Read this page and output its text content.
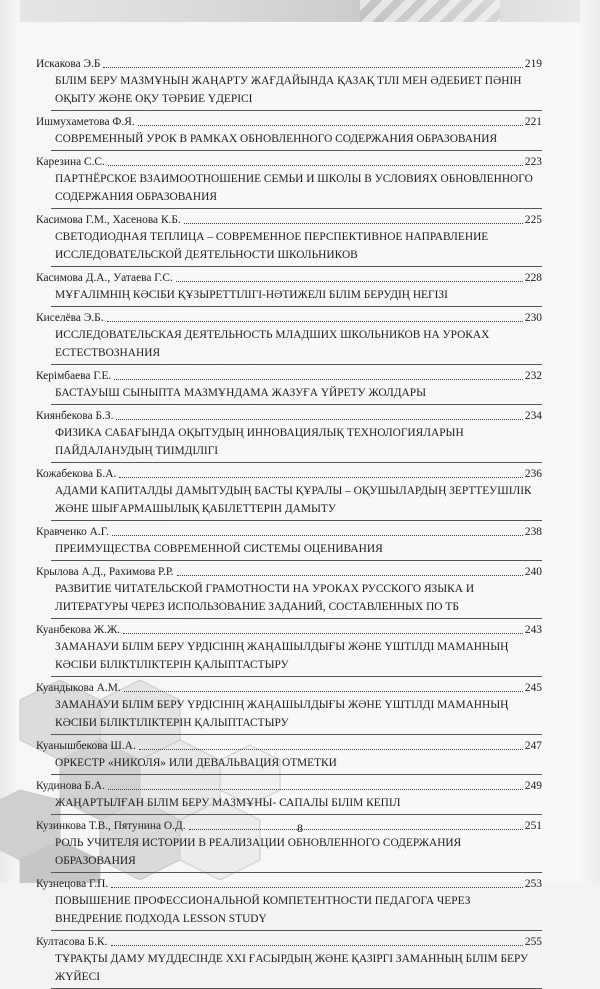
Искакова Э.Б	219
БІЛІМ БЕРУ МАЗМҰНЫН ЖАҢАРТУ ЖАҒДАЙЫНДА ҚАЗАҚ ТІЛІ МЕН ӘДЕБИЕТ ПӘНІН
ОҚЫТУ ЖӘНЕ ОҚУ ТӘРБИЕ ҮДЕРІСІ
Ишмухаметова Ф.Я.	221
СОВРЕМЕННЫЙ УРОК В РАМКАХ ОБНОВЛЕННОГО СОДЕРЖАНИЯ ОБРАЗОВАНИЯ
Карезина С.С.	223
ПАРТНЁРСКОЕ ВЗАИМООТНОШЕНИЕ СЕМЬИ И ШКОЛЫ В УСЛОВИЯХ ОБНОВЛЕННОГО
СОДЕРЖАНИЯ ОБРАЗОВАНИЯ
Касимова Г.М., Хасенова К.Б.	225
СВЕТОДИОДНАЯ ТЕПЛИЦА – СОВРЕМЕННОЕ ПЕРСПЕКТИВНОЕ НАПРАВЛЕНИЕ
ИССЛЕДОВАТЕЛЬСКОЙ ДЕЯТЕЛЬНОСТИ ШКОЛЬНИКОВ
Касимова Д.А., Уатаева Г.С.	228
МҰҒАЛІМНІҢ КӘСІБИ ҚҰЗЫРЕТТІЛІГІ-НӘТИЖЕЛІ БІЛІМ БЕРУДІҢ НЕГІЗІ
Киселёва Э.Б.	230
ИССЛЕДОВАТЕЛЬСКАЯ ДЕЯТЕЛЬНОСТЬ МЛАДШИХ ШКОЛЬНИКОВ НА УРОКАХ
ЕСТЕСТВОЗНАНИЯ
Керімбаева Г.Е.	232
БАСТАУЫШ СЫНЫПТА МАЗМҰНДАМА ЖАЗУҒА ҮЙРЕТУ ЖОЛДАРЫ
Киянбекова Б.З.	234
ФИЗИКА САБАҒЫНДА ОҚЫТУДЫҢ ИННОВАЦИЯЛЫҚ ТЕХНОЛОГИЯЛАРЫН
ПАЙДАЛАНУДЫҢ ТИІМДІЛІГІ
Кожабекова Б.А.	236
АДАМИ КАПИТАЛДЫ ДАМЫТУДЫҢ БАСТЫ ҚҰРАЛЫ – ОҚУШЫЛАРДЫҢ ЗЕРТТЕУШІЛІК
ЖӘНЕ ШЫҒАРМАШЫЛЫҚ ҚАБІЛЕТТЕРІН ДАМЫТУ
Кравченко А.Г.	238
ПРЕИМУЩЕСТВА СОВРЕМЕННОЙ СИСТЕМЫ ОЦЕНИВАНИЯ
Крылова А.Д., Рахимова Р.Р.	240
РАЗВИТИЕ ЧИТАТЕЛЬСКОЙ ГРАМОТНОСТИ НА УРОКАХ РУССКОГО ЯЗЫКА И
ЛИТЕРАТУРЫ ЧЕРЕЗ ИСПОЛЬЗОВАНИЕ ЗАДАНИЙ, СОСТАВЛЕННЫХ ПО ТБ
Куанбекова Ж.Ж.	243
ЗАМАНАУИ БІЛІМ БЕРУ ҮРДІСІНІҢ ЖАҢАШЫЛДЫҒЫ ЖӘНЕ ҮШТІЛДІ МАМАННЫҢ
КӘСІБИ БІЛІКТІЛІКТЕРІН ҚАЛЫПТАСТЫРУ
Куандыкова А.М.	245
ЗАМАНАУИ БІЛІМ БЕРУ ҮРДІСІНІҢ ЖАҢАШЫЛДЫҒЫ ЖӘНЕ ҮШТІЛДІ МАМАННЫҢ
КӘСІБИ БІЛІКТІЛІКТЕРІН ҚАЛЫПТАСТЫРУ
Куанышбекова Ш.А.	247
ОРКЕСТР «НИКОЛЯ» ИЛИ ДЕВАЛЬВАЦИЯ ОТМЕТКИ
Кудинова Б.А.	249
ЖАҢАРТЫЛҒАН БІЛІМ БЕРУ МАЗМҰНЫ- САПАЛЫ БІЛІМ КЕПІЛ
Кузинкова Т.В., Пятунина О.Д.	251
РОЛЬ УЧИТЕЛЯ ИСТОРИИ В РЕАЛИЗАЦИИ ОБНОВЛЕННОГО СОДЕРЖАНИЯ
ОБРАЗОВАНИЯ
Кузнецова Г.П.	253
ПОВЫШЕНИЕ ПРОФЕССИОНАЛЬНОЙ КОМПЕТЕНТНОСТИ ПЕДАГОГА ЧЕРЕЗ
ВНЕДРЕНИЕ ПОДХОДА LESSON STUDY
Култасова Б.К.	255
ТҰРАҚТЫ ДАМУ МҮДДЕСІНДЕ XXI ҒАСЫРДЫҢ ЖӘНЕ ҚАЗІРГІ ЗАМАННЫҢ БІЛІМ БЕРУ
ЖҮЙЕСІ
8
